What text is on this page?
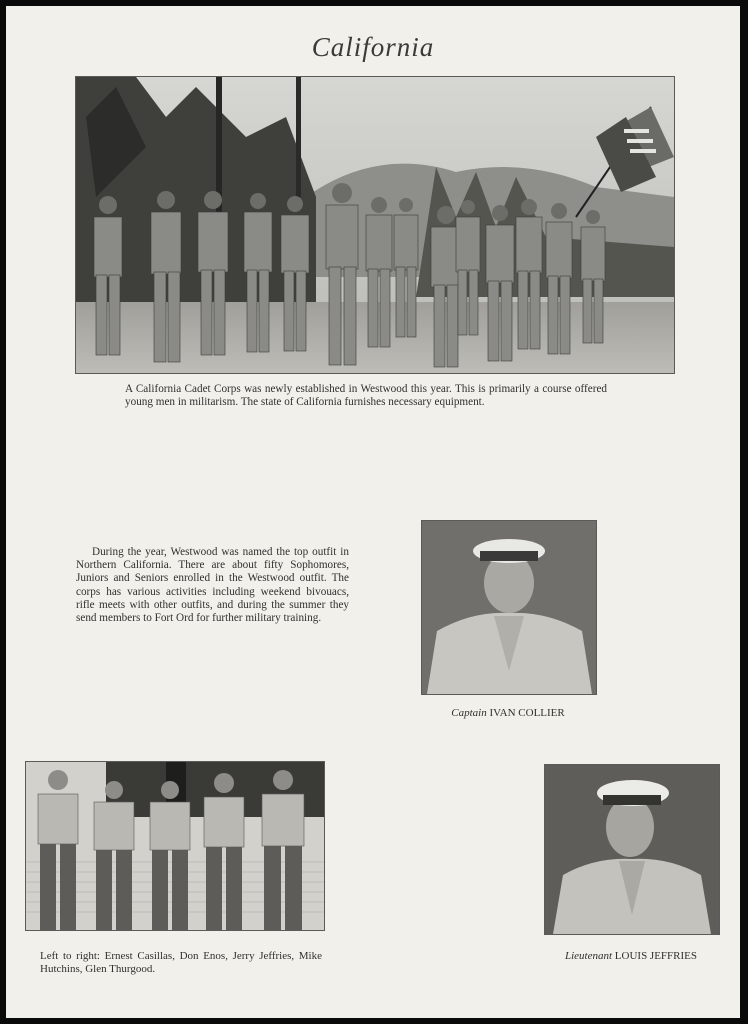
California
A California Cadet Corps was newly established in Westwood this year. This is primarily a course offered young men in militarism. The state of California furnishes necessary equipment.
During the year, Westwood was named the top outfit in Northern California. There are about fifty Sophomores, Juniors and Seniors enrolled in the Westwood outfit. The corps has various activities including weekend bivouacs, rifle meets with other outfits, and during the summer they send members to Fort Ord for further military training.
Captain IVAN COLLIER
Left to right: Ernest Casillas, Don Enos, Jerry Jeffries, Mike Hutchins, Glen Thurgood.
Lieutenant LOUIS JEFFRIES
